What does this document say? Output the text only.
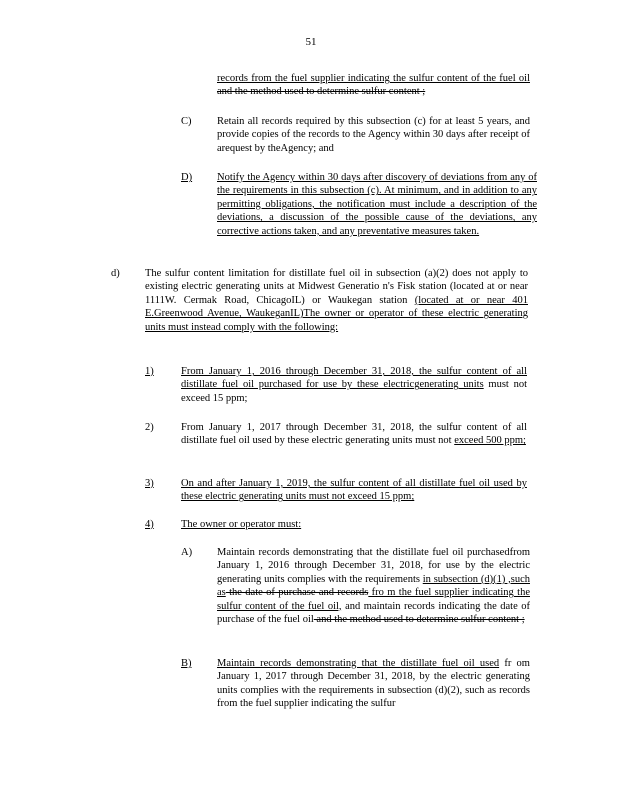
51
records from the fuel supplier indicating the sulfur content of the fuel oil and the method used to determine sulfur content ;
C) Retain all records required by this subsection (c) for at least 5 years, and provide copies of the records to the Agency within 30 days after receipt of arequest by theAgency; and
D) Notify the Agency within 30 days after discovery of deviations from any of the requirements in this subsection (c). At minimum, and in addition to any permitting obligations, the notification must include a description of the deviations, a discussion of the possible cause of the deviations, any corrective actions taken, and any preventative measures taken.
d) The sulfur content limitation for distillate fuel oil in subsection (a)(2) does not apply to existing electric generating units at Midwest Generatio n's Fisk station (located at or near 1111W. Cermak Road, ChicagoIL) or Waukegan station (located at or near 401 E.Greenwood Avenue, WaukeganIL)The owner or operator of these electric generating units must instead comply with the following:
1)	From January 1, 2016 through December 31, 2018, the sulfur content of all distillate fuel oil purchased for use by these electricgenerating units must not exceed 15 ppm;
2)	From January 1, 2017 through December 31, 2018, the sulfur content of all distillate fuel oil used by these electric generating units must not exceed 500 ppm;
3)	On and after January 1, 2019, the sulfur content of all distillate fuel oil used by these electric generating units must not exceed 15 ppm;
4)	The owner or operator must:
A) Maintain records demonstrating that the distillate fuel oil purchasedfrom January 1, 2016 through December 31, 2018, for use by the electric generating units complies with the requirements in subsection (d)(1) ,such as the date of purchase and records fro m the fuel supplier indicating the sulfur content of the fuel oil, and maintain records indicating the date of purchase of the fuel oil and the method used to determine sulfur content ;
B) Maintain records demonstrating that the distillate fuel oil used fr om January 1, 2017 through December 31, 2018, by the electric generating units complies with the requirements in subsection (d)(2), such as records from the fuel supplier indicating the sulfur
